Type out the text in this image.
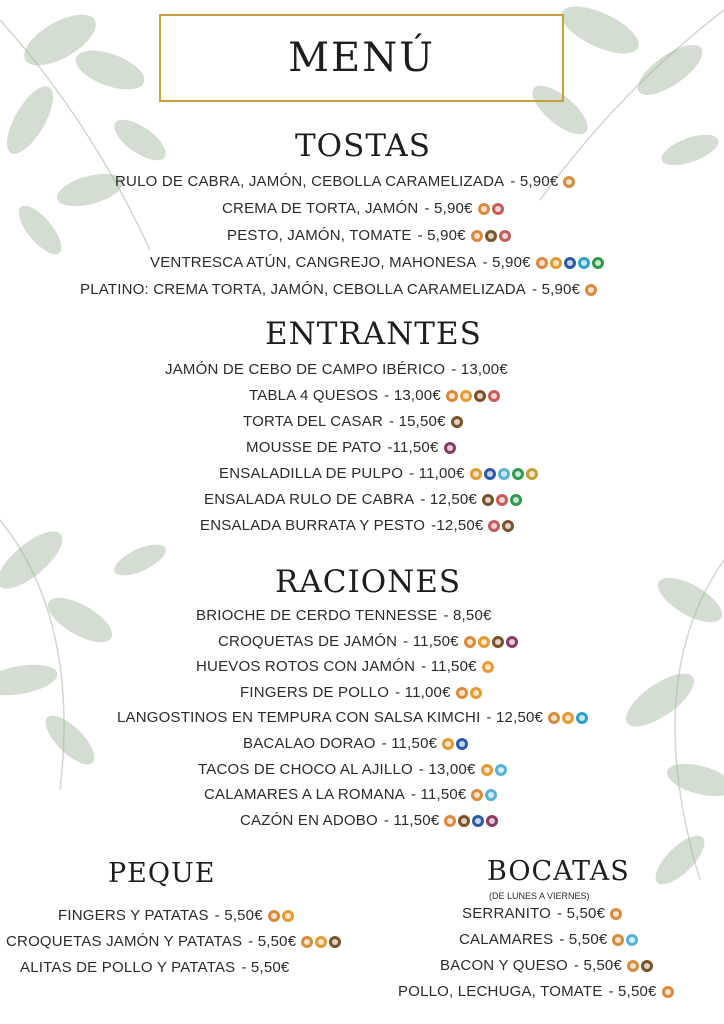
MENÚ
TOSTAS
ENTRANTES
RACIONES
PEQUE	BOCATAS
(DE LUNES A VIERNES)
RULO DE CABRA, JAMÓN, CEBOLLA CARAMELIZADA - 5,90€
CREMA DE TORTA, JAMÓN - 5,90€
PESTO, JAMÓN, TOMATE - 5,90€
VENTRESCA ATÚN, CANGREJO, MAHONESA - 5,90€
PLATINO: CREMA TORTA, JAMÓN, CEBOLLA CARAMELIZADA - 5,90€
JAMÓN DE CEBO DE CAMPO IBÉRICO - 13,00€
TABLA 4 QUESOS - 13,00€
TORTA DEL CASAR - 15,50€
MOUSSE DE PATO -11,50€
ENSALADILLA DE PULPO - 11,00€
ENSALADA RULO DE CABRA - 12,50€
ENSALADA BURRATA Y PESTO -12,50€
BRIOCHE DE CERDO TENNESSE - 8,50€
CROQUETAS DE JAMÓN - 11,50€
HUEVOS ROTOS CON JAMÓN - 11,50€
FINGERS DE POLLO - 11,00€
LANGOSTINOS EN TEMPURA CON SALSA KIMCHI - 12,50€
BACALAO DORAO - 11,50€
TACOS DE CHOCO AL AJILLO - 13,00€
CALAMARES A LA ROMANA - 11,50€
CAZÓN EN ADOBO - 11,50€
FINGERS Y PATATAS - 5,50€
CROQUETAS JAMÓN Y PATATAS - 5,50€
ALITAS DE POLLO Y PATATAS - 5,50€
SERRANITO - 5,50€
CALAMARES - 5,50€
BACON Y QUESO - 5,50€
POLLO, LECHUGA, TOMATE - 5,50€
